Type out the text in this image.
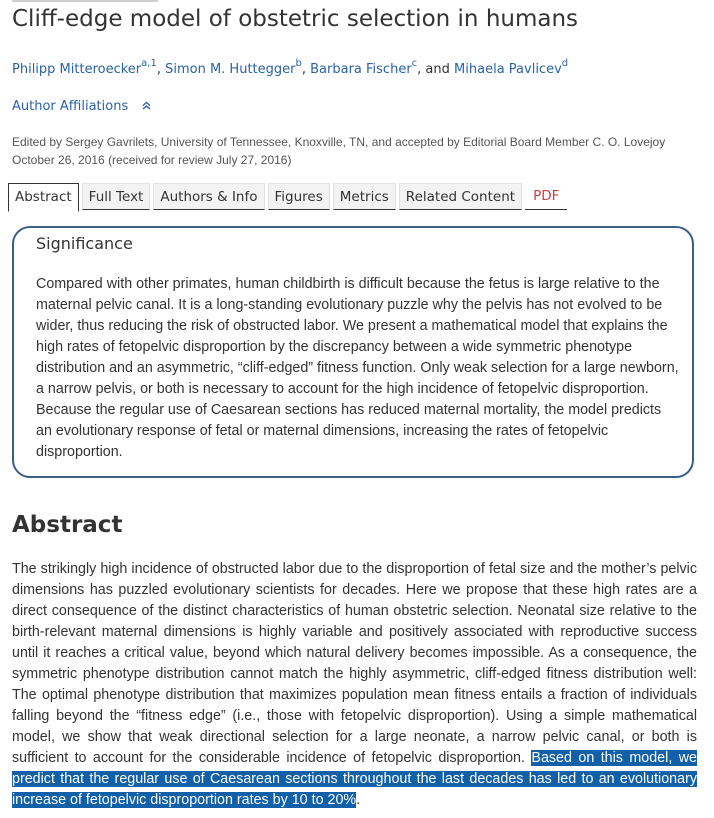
Cliff-edge model of obstetric selection in humans
Philipp Mitteroecker$^{a,1}$, Simon M. Huttegger$^b$, Barbara Fischer$^c$, and Mihaela Pavlicev$^d$
Author Affiliations
Edited by Sergey Gavrilets, University of Tennessee, Knoxville, TN, and accepted by Editorial Board Member C. O. Lovejoy
October 26, 2016 (received for review July 27, 2016)
Abstract	Full Text	Authors & Info	Figures	Metrics	Related Content	PDF
Significance

Compared with other primates, human childbirth is difficult because the fetus is large relative to the maternal pelvic canal. It is a long-standing evolutionary puzzle why the pelvis has not evolved to be wider, thus reducing the risk of obstructed labor. We present a mathematical model that explains the high rates of fetopelvic disproportion by the discrepancy between a wide symmetric phenotype distribution and an asymmetric, “cliff-edged” fitness function. Only weak selection for a large newborn, a narrow pelvis, or both is necessary to account for the high incidence of fetopelvic disproportion. Because the regular use of Caesarean sections has reduced maternal mortality, the model predicts an evolutionary response of fetal or maternal dimensions, increasing the rates of fetopelvic disproportion.

Abstract

The strikingly high incidence of obstructed labor due to the disproportion of fetal size and the mother’s pelvic dimensions has puzzled evolutionary scientists for decades. Here we propose that these high rates are a direct consequence of the distinct characteristics of human obstetric selection. Neonatal size relative to the birth-relevant maternal dimensions is highly variable and positively associated with reproductive success until it reaches a critical value, beyond which natural delivery becomes impossible. As a consequence, the symmetric phenotype distribution cannot match the highly asymmetric, cliff-edged fitness distribution well: The optimal phenotype distribution that maximizes population mean fitness entails a fraction of individuals falling beyond the “fitness edge” (i.e., those with fetopelvic disproportion). Using a simple mathematical model, we show that weak directional selection for a large neonate, a narrow pelvic canal, or both is sufficient to account for the considerable incidence of fetopelvic disproportion. Based on this model, we predict that the regular use of Caesarean sections throughout the last decades has led to an evolutionary increase of fetopelvic disproportion rates by 10 to 20%.
